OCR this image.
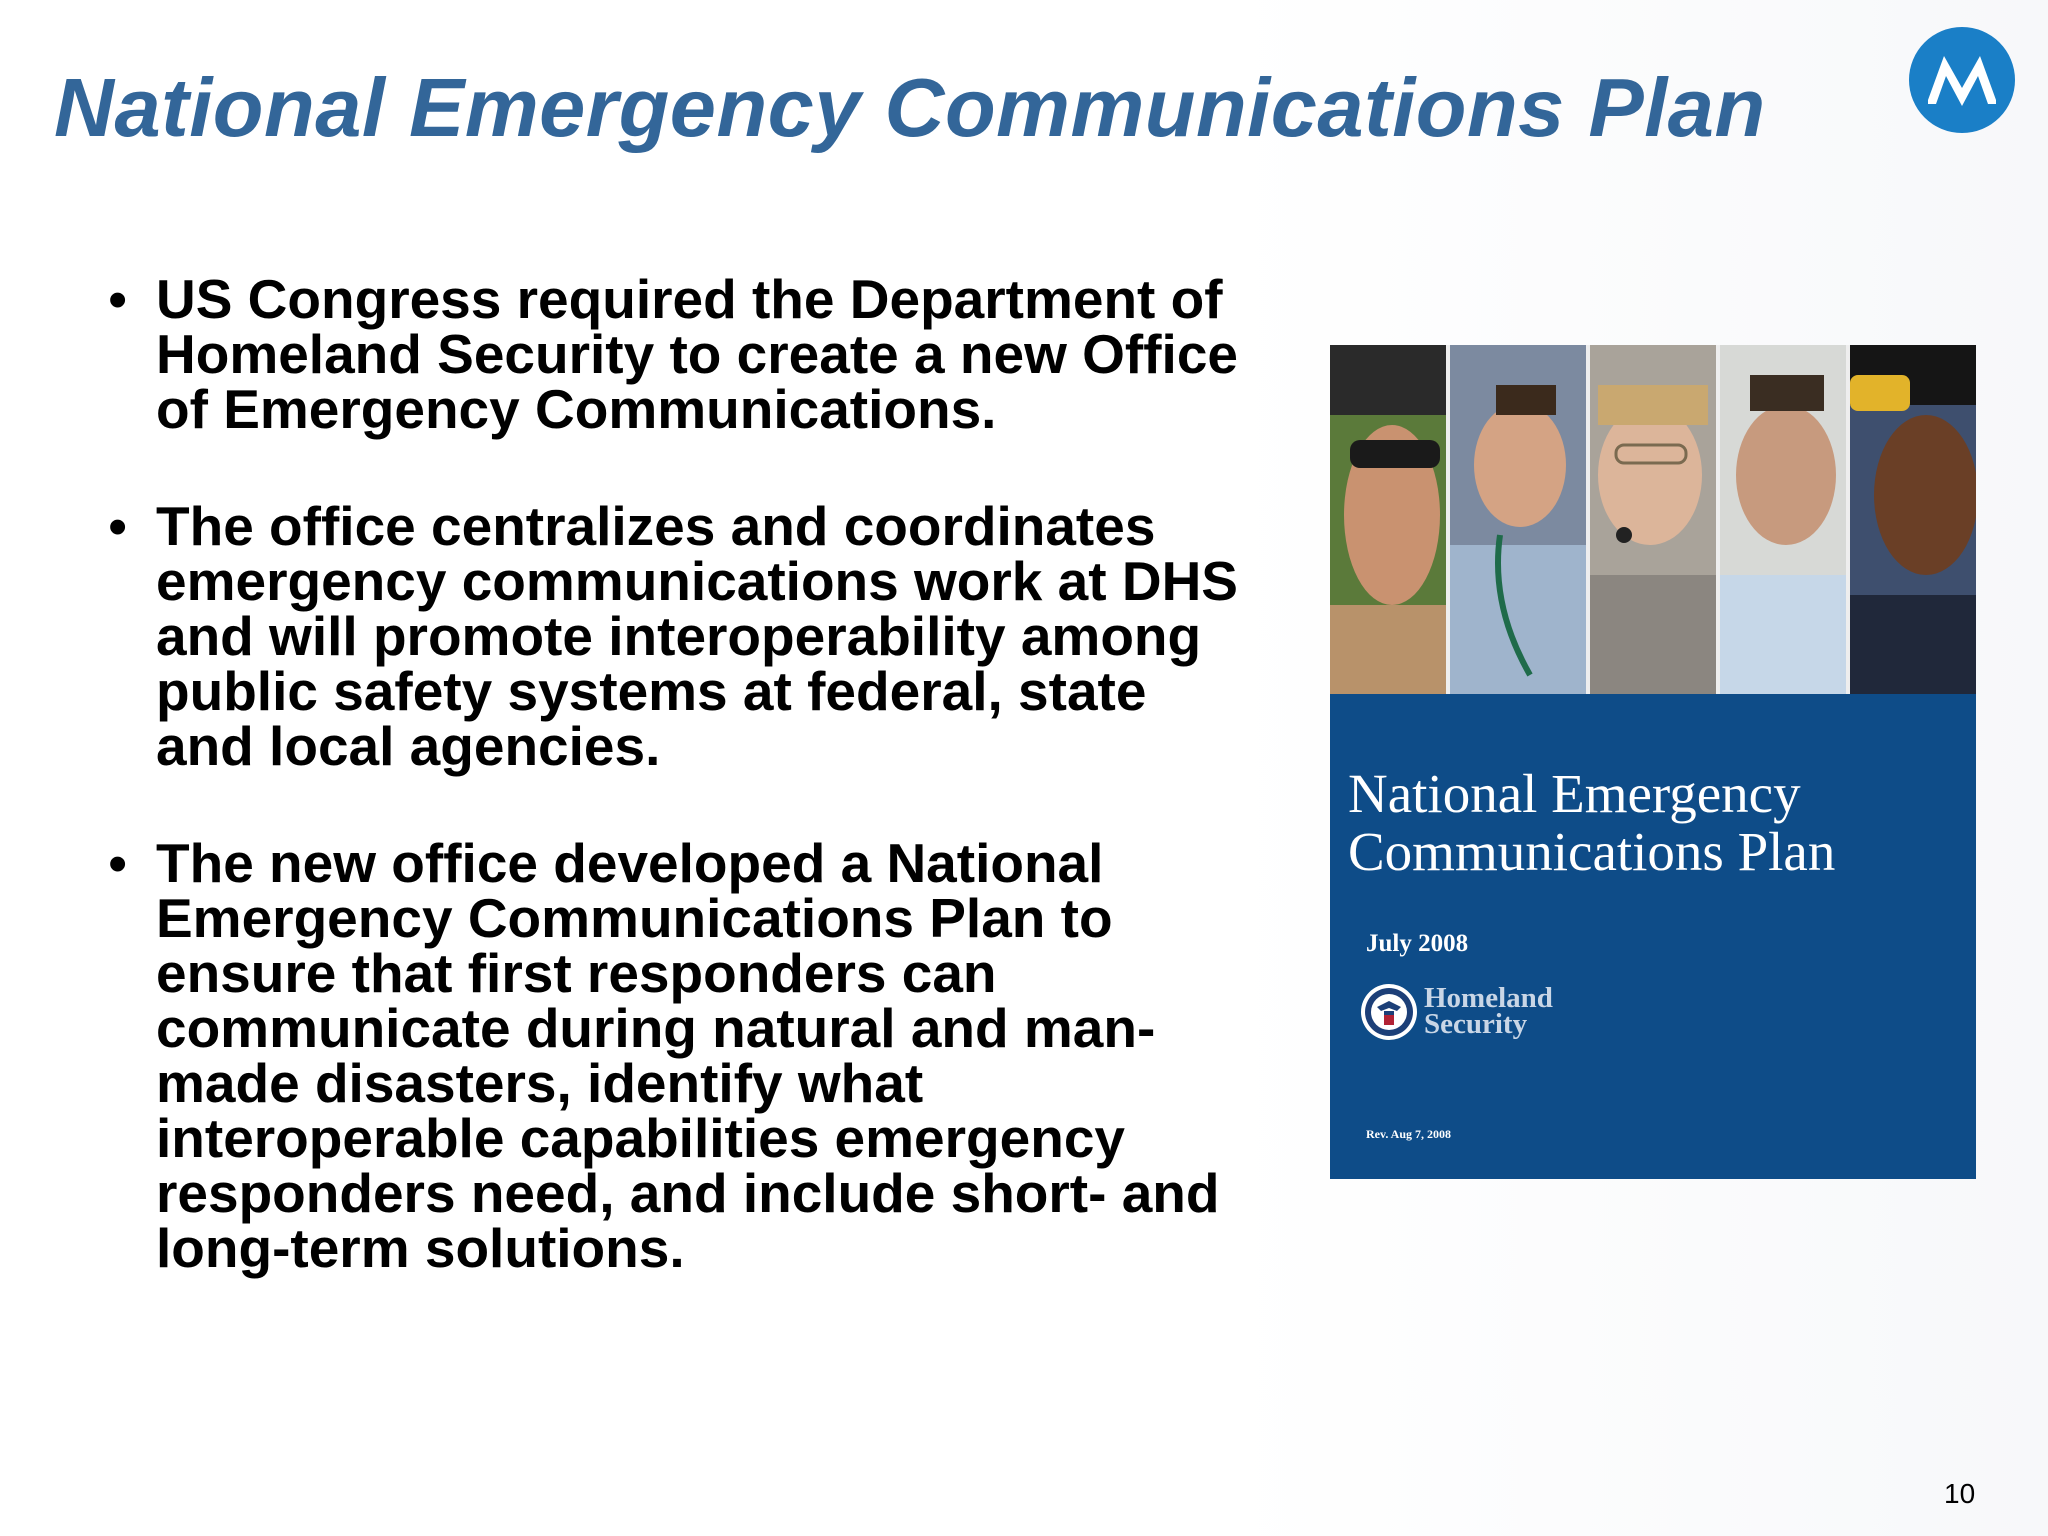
National Emergency Communications Plan
• US Congress required the Department of Homeland Security to create a new Office of Emergency Communications.
• The office centralizes and coordinates emergency communications work at DHS and will promote interoperability among public safety systems at federal, state and local agencies.
• The new office developed a National Emergency Communications Plan to ensure that first responders can communicate during natural and man-made disasters, identify what interoperable capabilities emergency responders need, and include short- and long-term solutions.
National Emergency
Communications Plan
July 2008
Homeland
Security
Rev. Aug 7, 2008
10
